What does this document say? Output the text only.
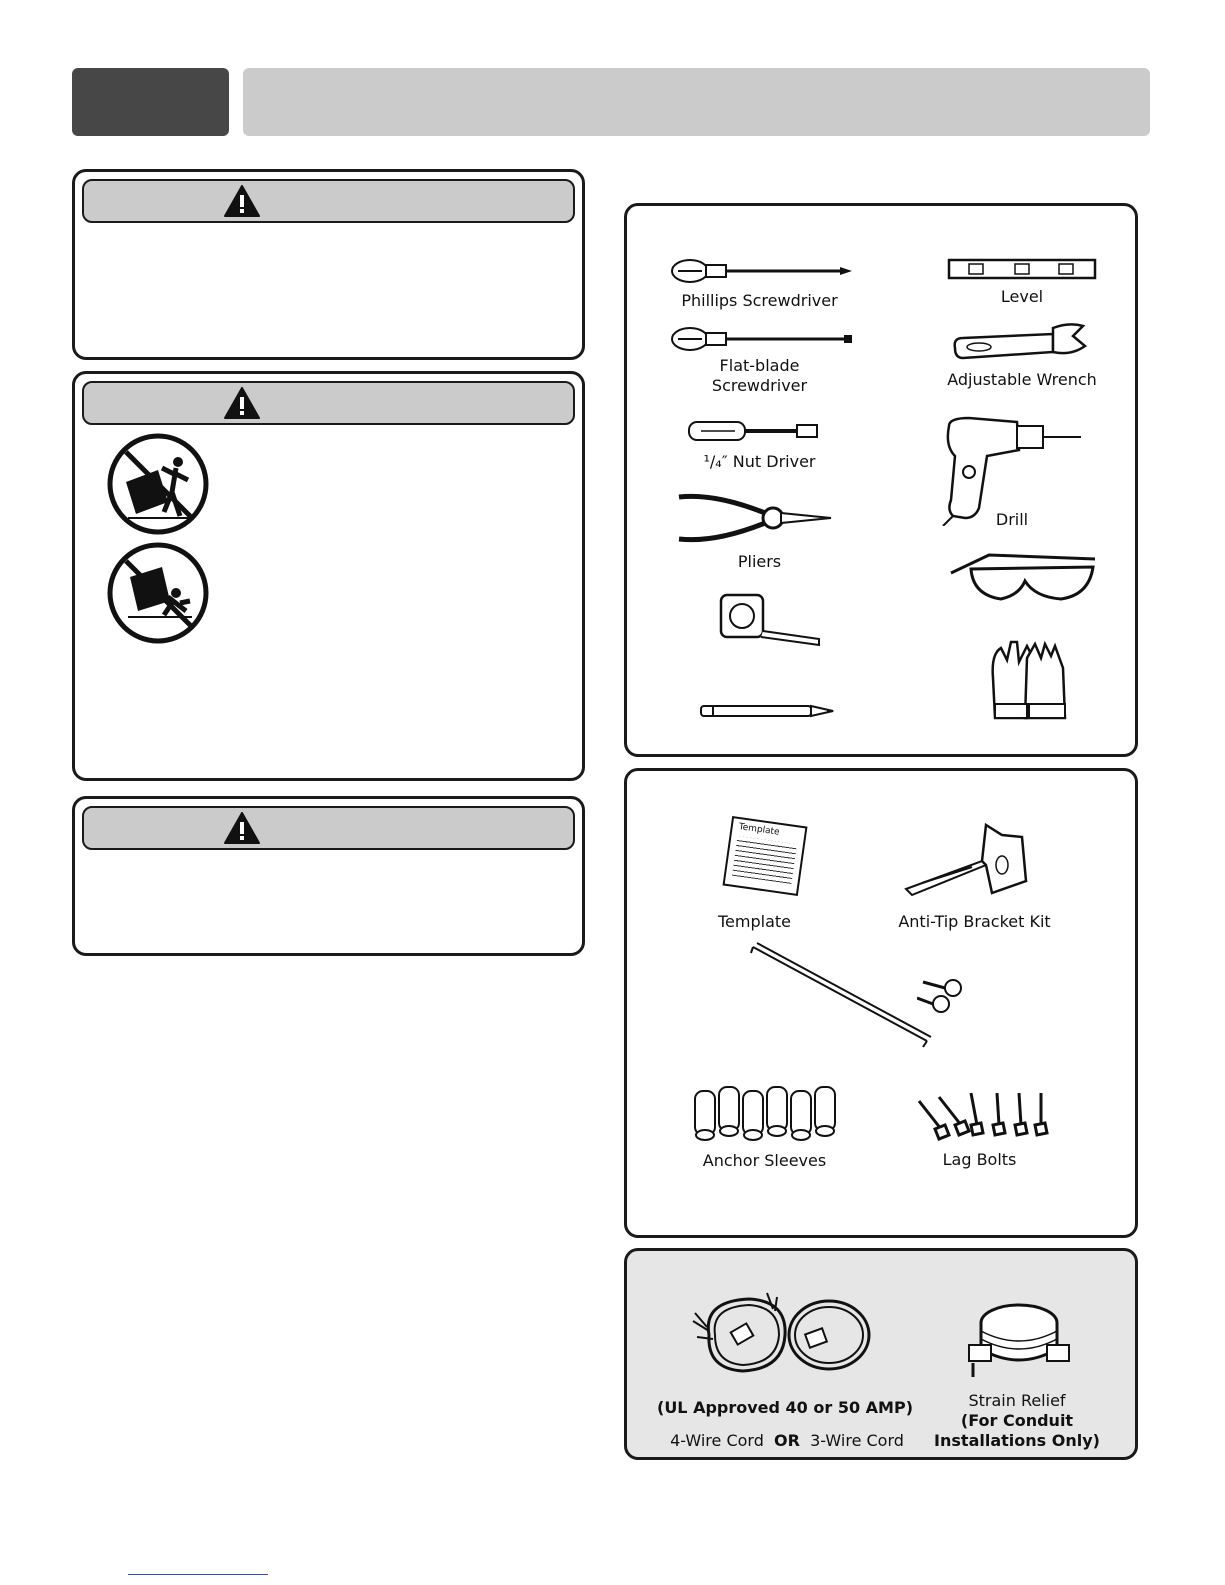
Phillips Screwdriver
Flat-blade
Screwdriver
¹/₄″ Nut Driver
Pliers
Level
Adjustable Wrench
Drill
Template
Template	Anti-Tip Bracket Kit
Anchor Sleeves	Lag Bolts
(UL Approved 40 or 50 AMP)
4-Wire Cord OR 3-Wire Cord
Strain Relief
(For Conduit
Installations Only)
